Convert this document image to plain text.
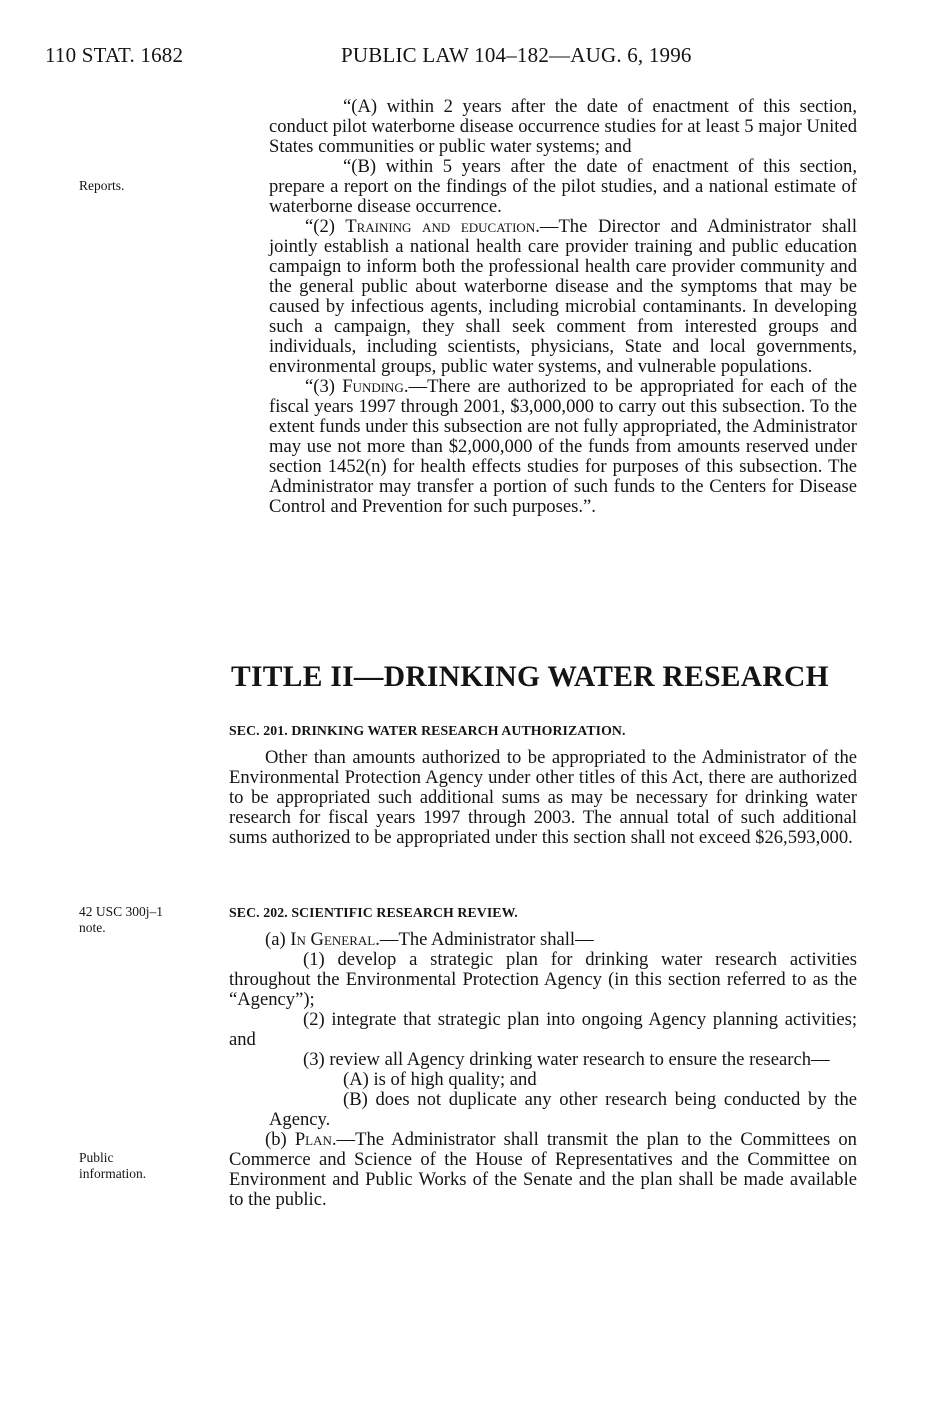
110 STAT. 1682	PUBLIC LAW 104–182—AUG. 6, 1996
Reports.
42 USC 300j–1
note.
Public
information.

“(A) within 2 years after the date of enactment of this section, conduct pilot waterborne disease occurrence studies for at least 5 major United States communities or public water systems; and

“(B) within 5 years after the date of enactment of this section, prepare a report on the findings of the pilot studies, and a national estimate of waterborne disease occurrence.

“(2) Training and education.—The Director and Administrator shall jointly establish a national health care provider training and public education campaign to inform both the professional health care provider community and the general public about waterborne disease and the symptoms that may be caused by infectious agents, including microbial contaminants. In developing such a campaign, they shall seek comment from interested groups and individuals, including scientists, physicians, State and local governments, environmental groups, public water systems, and vulnerable populations.

“(3) Funding.—There are authorized to be appropriated for each of the fiscal years 1997 through 2001, $3,000,000 to carry out this subsection. To the extent funds under this subsection are not fully appropriated, the Administrator may use not more than $2,000,000 of the funds from amounts reserved under section 1452(n) for health effects studies for purposes of this subsection. The Administrator may transfer a portion of such funds to the Centers for Disease Control and Prevention for such purposes.”.

TITLE II—DRINKING WATER RESEARCH
SEC. 201. DRINKING WATER RESEARCH AUTHORIZATION.

Other than amounts authorized to be appropriated to the Administrator of the Environmental Protection Agency under other titles of this Act, there are authorized to be appropriated such additional sums as may be necessary for drinking water research for fiscal years 1997 through 2003. The annual total of such additional sums authorized to be appropriated under this section shall not exceed $26,593,000.

SEC. 202. SCIENTIFIC RESEARCH REVIEW.

(a) In General.—The Administrator shall—

(1) develop a strategic plan for drinking water research activities throughout the Environmental Protection Agency (in this section referred to as the “Agency”);

(2) integrate that strategic plan into ongoing Agency planning activities; and

(3) review all Agency drinking water research to ensure the research—

(A) is of high quality; and

(B) does not duplicate any other research being conducted by the Agency.

(b) Plan.—The Administrator shall transmit the plan to the Committees on Commerce and Science of the House of Representatives and the Committee on Environment and Public Works of the Senate and the plan shall be made available to the public.
